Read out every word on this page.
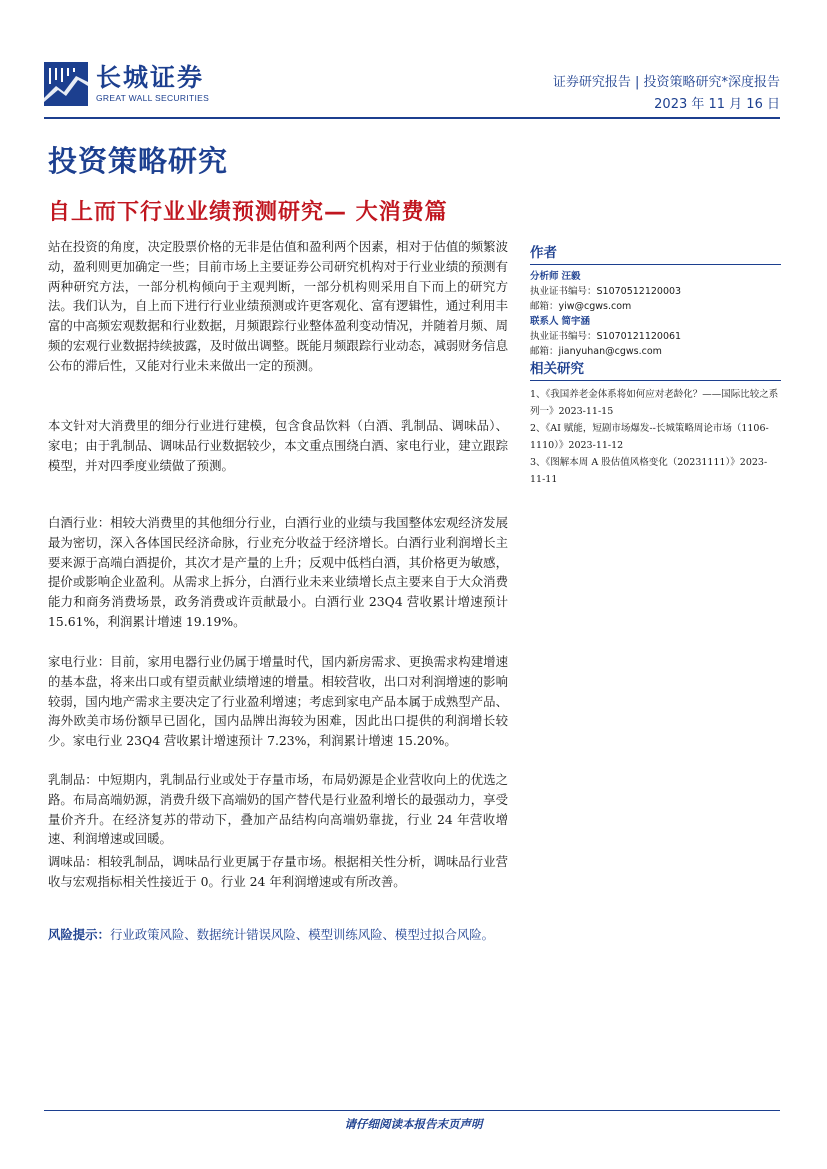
长城证券
GREAT WALL SECURITIES
证券研究报告 | 投资策略研究*深度报告
2023 年 11 月 16 日
投资策略研究
自上而下行业业绩预测研究— 大消费篇
站在投资的角度，决定股票价格的无非是估值和盈利两个因素，相对于估值的频繁波动，盈利则更加确定一些；目前市场上主要证券公司研究机构对于行业业绩的预测有两种研究方法，一部分机构倾向于主观判断，一部分机构则采用自下而上的研究方法。我们认为，自上而下进行行业业绩预测或许更客观化、富有逻辑性，通过利用丰富的中高频宏观数据和行业数据，月频跟踪行业整体盈利变动情况，并随着月频、周频的宏观行业数据持续披露，及时做出调整。既能月频跟踪行业动态，减弱财务信息公布的滞后性，又能对行业未来做出一定的预测。
本文针对大消费里的细分行业进行建模，包含食品饮料（白酒、乳制品、调味品）、家电；由于乳制品、调味品行业数据较少，本文重点围绕白酒、家电行业，建立跟踪模型，并对四季度业绩做了预测。
白酒行业：相较大消费里的其他细分行业，白酒行业的业绩与我国整体宏观经济发展最为密切，深入各体国民经济命脉，行业充分收益于经济增长。白酒行业利润增长主要来源于高端白酒提价，其次才是产量的上升；反观中低档白酒，其价格更为敏感，提价或影响企业盈利。从需求上拆分，白酒行业未来业绩增长点主要来自于大众消费能力和商务消费场景，政务消费或许贡献最小。白酒行业 23Q4 营收累计增速预计 15.61%，利润累计增速 19.19%。
家电行业：目前，家用电器行业仍属于增量时代，国内新房需求、更换需求构建增速的基本盘，将来出口或有望贡献业绩增速的增量。相较营收，出口对利润增速的影响较弱，国内地产需求主要决定了行业盈利增速；考虑到家电产品本属于成熟型产品、海外欧美市场份额早已固化，国内品牌出海较为困难，因此出口提供的利润增长较少。家电行业 23Q4 营收累计增速预计 7.23%，利润累计增速 15.20%。
乳制品：中短期内，乳制品行业或处于存量市场，布局奶源是企业营收向上的优选之路。布局高端奶源，消费升级下高端奶的国产替代是行业盈利增长的最强动力，享受量价齐升。在经济复苏的带动下，叠加产品结构向高端奶靠拢，行业 24 年营收增速、利润增速或回暖。
调味品：相较乳制品，调味品行业更属于存量市场。根据相关性分析，调味品行业营收与宏观指标相关性接近于 0。行业 24 年利润增速或有所改善。
风险提示：行业政策风险、数据统计错误风险、模型训练风险、模型过拟合风险。
作者
分析师 汪毅
执业证书编号：S1070512120003
邮箱：yiw@cgws.com
联系人 简宇涵
执业证书编号：S1070121120061
邮箱：jianyuhan@cgws.com
相关研究
1、《我国养老金体系将如何应对老龄化？——国际比较之系列一》2023-11-15
2、《AI 赋能，短剧市场爆发--长城策略周论市场（1106-1110）》2023-11-12
3、《图解本周 A 股估值风格变化（20231111）》2023-11-11
请仔细阅读本报告末页声明
